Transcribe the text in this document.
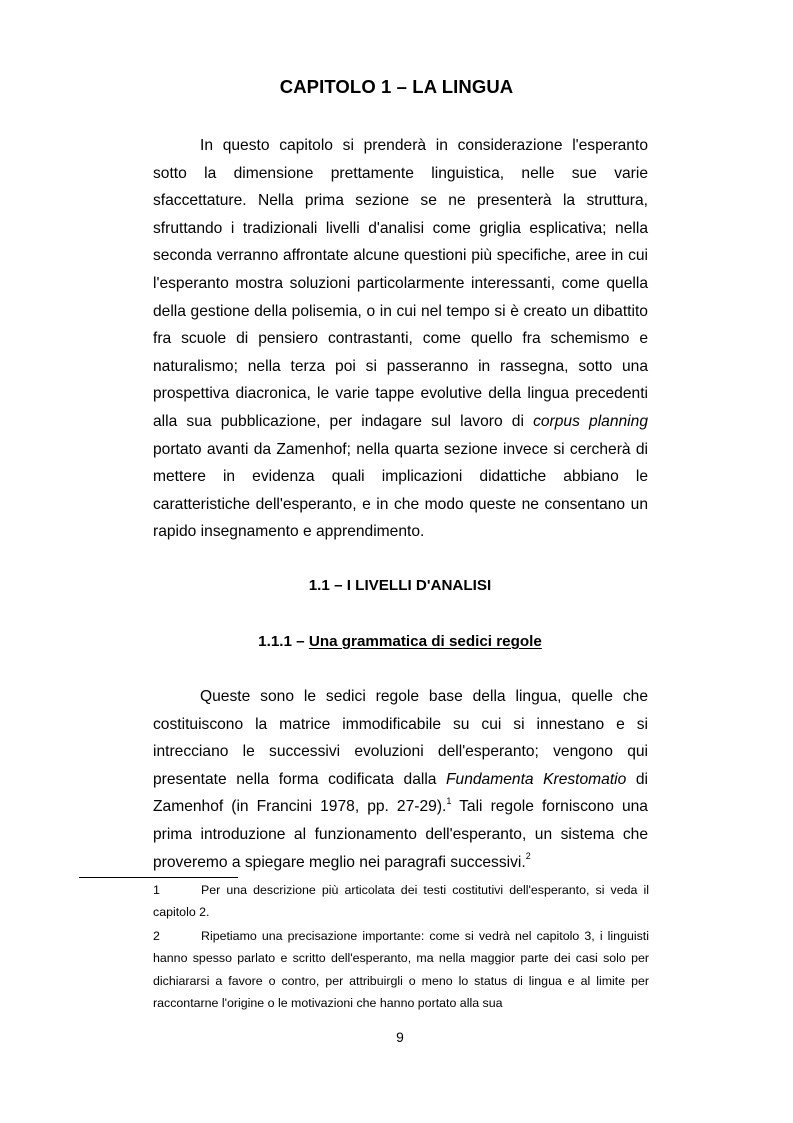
CAPITOLO 1 – LA LINGUA

In questo capitolo si prenderà in considerazione l'esperanto sotto la dimensione prettamente linguistica, nelle sue varie sfaccettature. Nella prima sezione se ne presenterà la struttura, sfruttando i tradizionali livelli d'analisi come griglia esplicativa; nella seconda verranno affrontate alcune questioni più specifiche, aree in cui l'esperanto mostra soluzioni particolarmente interessanti, come quella della gestione della polisemia, o in cui nel tempo si è creato un dibattito fra scuole di pensiero contrastanti, come quello fra schemismo e naturalismo; nella terza poi si passeranno in rassegna, sotto una prospettiva diacronica, le varie tappe evolutive della lingua precedenti alla sua pubblicazione, per indagare sul lavoro di corpus planning portato avanti da Zamenhof; nella quarta sezione invece si cercherà di mettere in evidenza quali implicazioni didattiche abbiano le caratteristiche dell'esperanto, e in che modo queste ne consentano un rapido insegnamento e apprendimento.

1.1 – I LIVELLI D'ANALISI
1.1.1 – Una grammatica di sedici regole

Queste sono le sedici regole base della lingua, quelle che costituiscono la matrice immodificabile su cui si innestano e si intrecciano le successivi evoluzioni dell'esperanto; vengono qui presentate nella forma codificata dalla Fundamenta Krestomatio di Zamenhof (in Francini 1978, pp. 27-29).$^1$ Tali regole forniscono una prima introduzione al funzionamento dell'esperanto, un sistema che proveremo a spiegare meglio nei paragrafi successivi.$^2$

1	Per una descrizione più articolata dei testi costitutivi dell'esperanto, si veda il capitolo 2.

2	Ripetiamo una precisazione importante: come si vedrà nel capitolo 3, i linguisti hanno spesso parlato e scritto dell'esperanto, ma nella maggior parte dei casi solo per dichiararsi a favore o contro, per attribuirgli o meno lo status di lingua e al limite per raccontarne l'origine o le motivazioni che hanno portato alla sua

9
